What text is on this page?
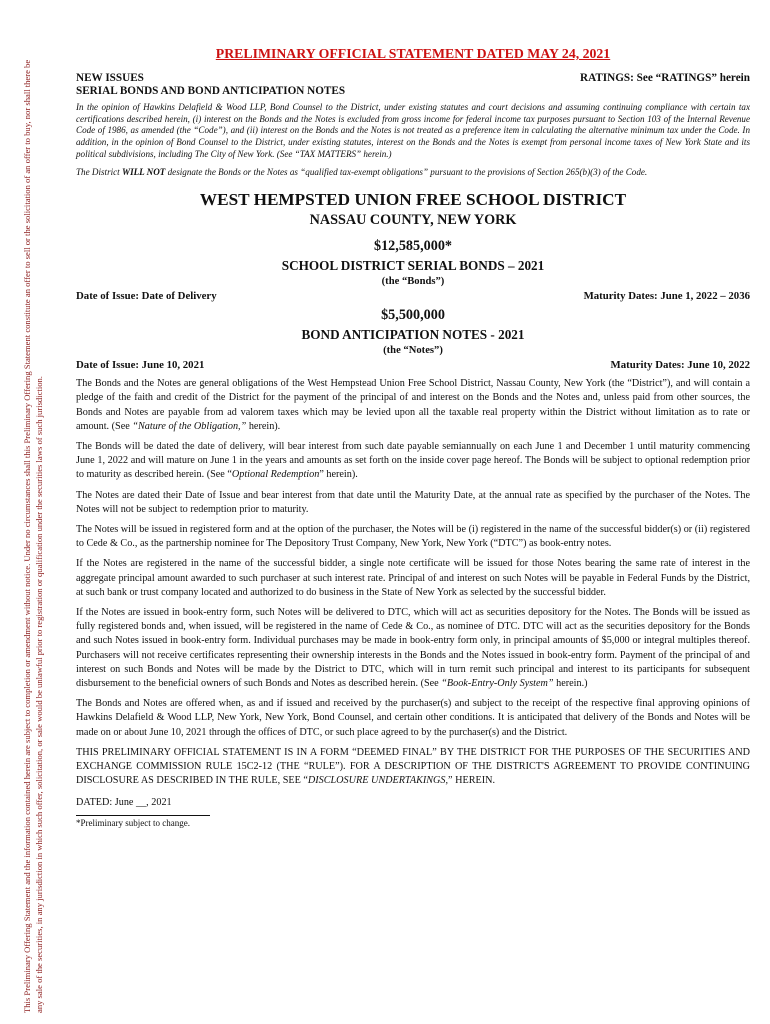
This Preliminary Offering Statement and the information contained herein are subject to completion or amendment without notice. Under no circumstances shall this Preliminary Offering Statement constitute an offer to sell or the solicitation of an offer to buy, nor shall there be any sale of the securities, in any jurisdiction in which such offer, solicitation, or sale would be unlawful prior to registration or qualification under the securities laws of such jurisdiction.
PRELIMINARY OFFICIAL STATEMENT DATED MAY 24, 2021
NEW ISSUES	RATINGS: See “RATINGS” herein
SERIAL BONDS AND BOND ANTICIPATION NOTES
In the opinion of Hawkins Delafield & Wood LLP, Bond Counsel to the District, under existing statutes and court decisions and assuming continuing compliance with certain tax certifications described herein, (i) interest on the Bonds and the Notes is excluded from gross income for federal income tax purposes pursuant to Section 103 of the Internal Revenue Code of 1986, as amended (the “Code”), and (ii) interest on the Bonds and the Notes is not treated as a preference item in calculating the alternative minimum tax under the Code. In addition, in the opinion of Bond Counsel to the District, under existing statutes, interest on the Bonds and the Notes is exempt from personal income taxes of New York State and its political subdivisions, including The City of New York. (See “TAX MATTERS” herein.)
The District WILL NOT designate the Bonds or the Notes as “qualified tax-exempt obligations” pursuant to the provisions of Section 265(b)(3) of the Code.
WEST HEMPSTED UNION FREE SCHOOL DISTRICT
NASSAU COUNTY, NEW YORK
$12,585,000*
SCHOOL DISTRICT SERIAL BONDS – 2021
(the “Bonds”)
Date of Issue: Date of Delivery	Maturity Dates: June 1, 2022 – 2036
$5,500,000
BOND ANTICIPATION NOTES - 2021
(the “Notes”)
Date of Issue: June 10, 2021	Maturity Dates: June 10, 2022
The Bonds and the Notes are general obligations of the West Hempstead Union Free School District, Nassau County, New York (the “District”), and will contain a pledge of the faith and credit of the District for the payment of the principal of and interest on the Bonds and the Notes and, unless paid from other sources, the Bonds and Notes are payable from ad valorem taxes which may be levied upon all the taxable real property within the District without limitation as to rate or amount. (See “Nature of the Obligation,” herein).
The Bonds will be dated the date of delivery, will bear interest from such date payable semiannually on each June 1 and December 1 until maturity commencing June 1, 2022 and will mature on June 1 in the years and amounts as set forth on the inside cover page hereof. The Bonds will be subject to optional redemption prior to maturity as described herein. (See “Optional Redemption” herein).
The Notes are dated their Date of Issue and bear interest from that date until the Maturity Date, at the annual rate as specified by the purchaser of the Notes. The Notes will not be subject to redemption prior to maturity.
The Notes will be issued in registered form and at the option of the purchaser, the Notes will be (i) registered in the name of the successful bidder(s) or (ii) registered to Cede & Co., as the partnership nominee for The Depository Trust Company, New York, New York (“DTC”) as book-entry notes.
If the Notes are registered in the name of the successful bidder, a single note certificate will be issued for those Notes bearing the same rate of interest in the aggregate principal amount awarded to such purchaser at such interest rate. Principal of and interest on such Notes will be payable in Federal Funds by the District, at such bank or trust company located and authorized to do business in the State of New York as selected by the successful bidder.
If the Notes are issued in book-entry form, such Notes will be delivered to DTC, which will act as securities depository for the Notes. The Bonds will be issued as fully registered bonds and, when issued, will be registered in the name of Cede & Co., as nominee of DTC. DTC will act as the securities depository for the Bonds and such Notes issued in book-entry form. Individual purchases may be made in book-entry form only, in principal amounts of $5,000 or integral multiples thereof. Purchasers will not receive certificates representing their ownership interests in the Bonds and the Notes issued in book-entry form. Payment of the principal of and interest on such Bonds and Notes will be made by the District to DTC, which will in turn remit such principal and interest to its participants for subsequent disbursement to the beneficial owners of such Bonds and Notes as described herein. (See “Book-Entry-Only System” herein.)
The Bonds and Notes are offered when, as and if issued and received by the purchaser(s) and subject to the receipt of the respective final approving opinions of Hawkins Delafield & Wood LLP, New York, New York, Bond Counsel, and certain other conditions. It is anticipated that delivery of the Bonds and Notes will be made on or about June 10, 2021 through the offices of DTC, or such place agreed to by the purchaser(s) and the District.
THIS PRELIMINARY OFFICIAL STATEMENT IS IN A FORM “DEEMED FINAL” BY THE DISTRICT FOR THE PURPOSES OF THE SECURITIES AND EXCHANGE COMMISSION RULE 15C2-12 (THE “RULE”). FOR A DESCRIPTION OF THE DISTRICT'S AGREEMENT TO PROVIDE CONTINUING DISCLOSURE AS DESCRIBED IN THE RULE, SEE “DISCLOSURE UNDERTAKINGS,” HEREIN.
DATED: June __, 2021
*Preliminary subject to change.
